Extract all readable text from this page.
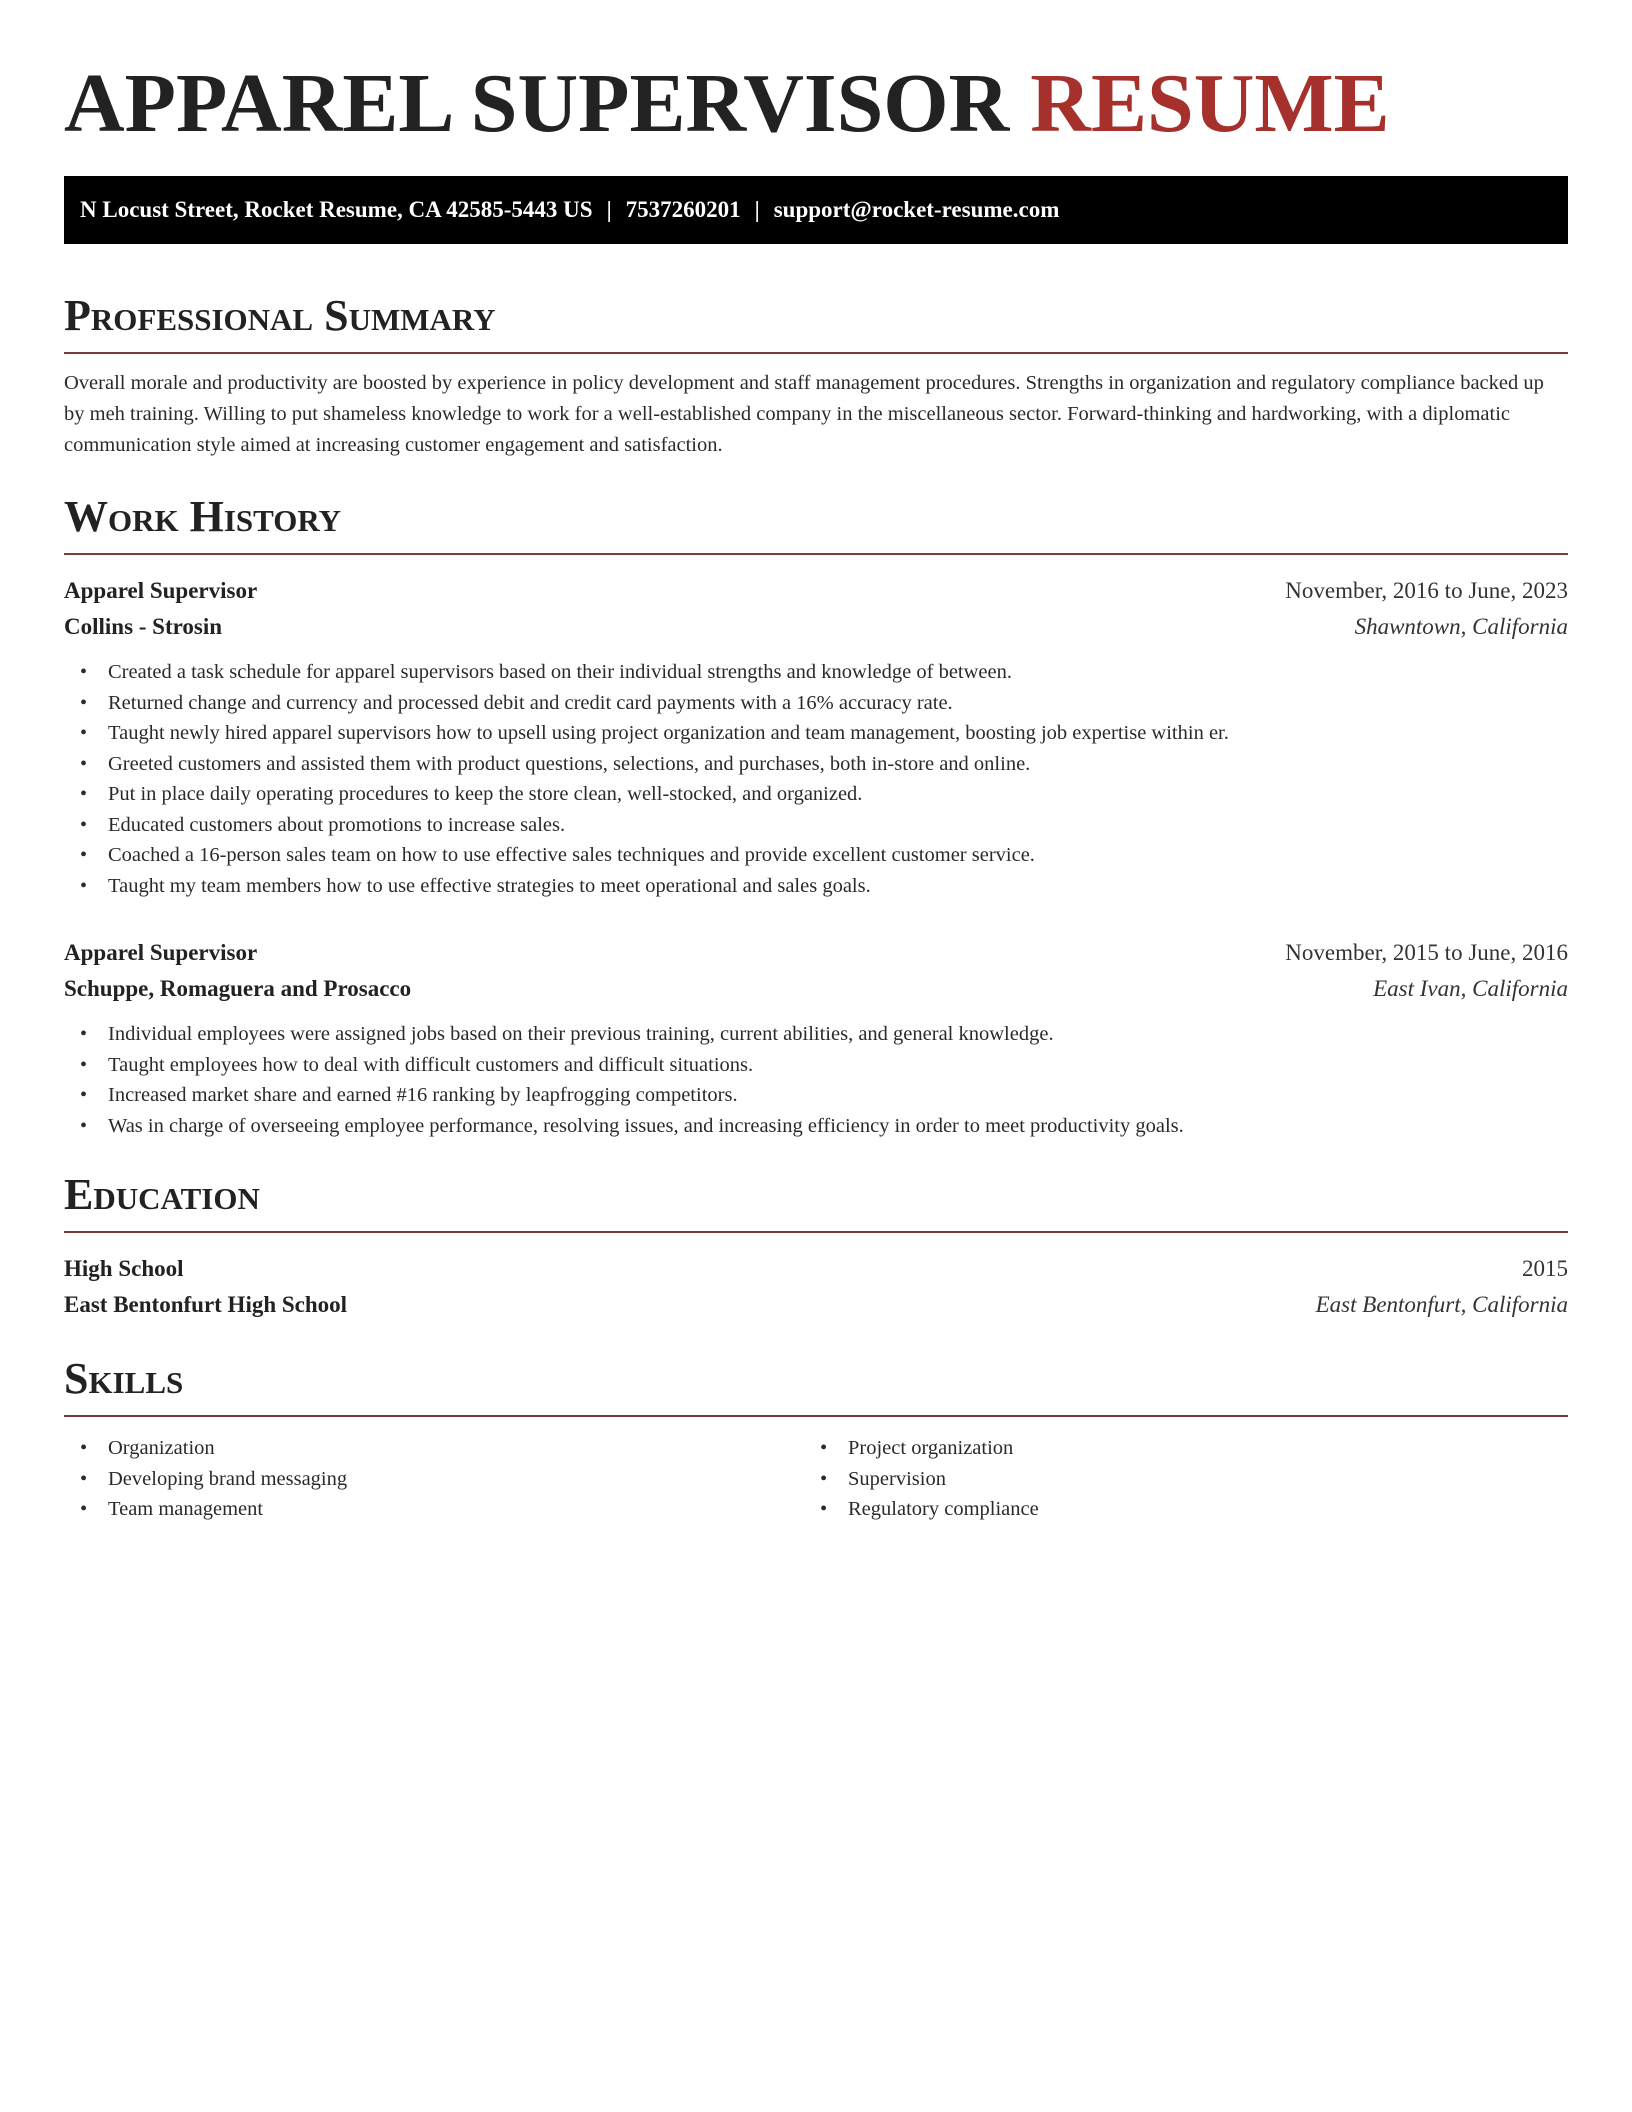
APPAREL SUPERVISOR RESUME
N Locust Street, Rocket Resume, CA 42585-5443 US | 7537260201 | support@rocket-resume.com
Professional Summary

Overall morale and productivity are boosted by experience in policy development and staff management procedures. Strengths in organization and regulatory compliance backed up by meh training. Willing to put shameless knowledge to work for a well-established company in the miscellaneous sector. Forward-thinking and hardworking, with a diplomatic communication style aimed at increasing customer engagement and satisfaction.

Work History
Apparel Supervisor	November, 2016 to June, 2023
Collins - Strosin	Shawntown, California
• Created a task schedule for apparel supervisors based on their individual strengths and knowledge of between.
• Returned change and currency and processed debit and credit card payments with a 16% accuracy rate.
• Taught newly hired apparel supervisors how to upsell using project organization and team management, boosting job expertise within er.
• Greeted customers and assisted them with product questions, selections, and purchases, both in-store and online.
• Put in place daily operating procedures to keep the store clean, well-stocked, and organized.
• Educated customers about promotions to increase sales.
• Coached a 16-person sales team on how to use effective sales techniques and provide excellent customer service.
• Taught my team members how to use effective strategies to meet operational and sales goals.
Apparel Supervisor	November, 2015 to June, 2016
Schuppe, Romaguera and Prosacco	East Ivan, California
• Individual employees were assigned jobs based on their previous training, current abilities, and general knowledge.
• Taught employees how to deal with difficult customers and difficult situations.
• Increased market share and earned #16 ranking by leapfrogging competitors.
• Was in charge of overseeing employee performance, resolving issues, and increasing efficiency in order to meet productivity goals.
Education
High School	2015
East Bentonfurt High School	East Bentonfurt, California
Skills
• Organization
• Developing brand messaging
• Team management
• Project organization
• Supervision
• Regulatory compliance
